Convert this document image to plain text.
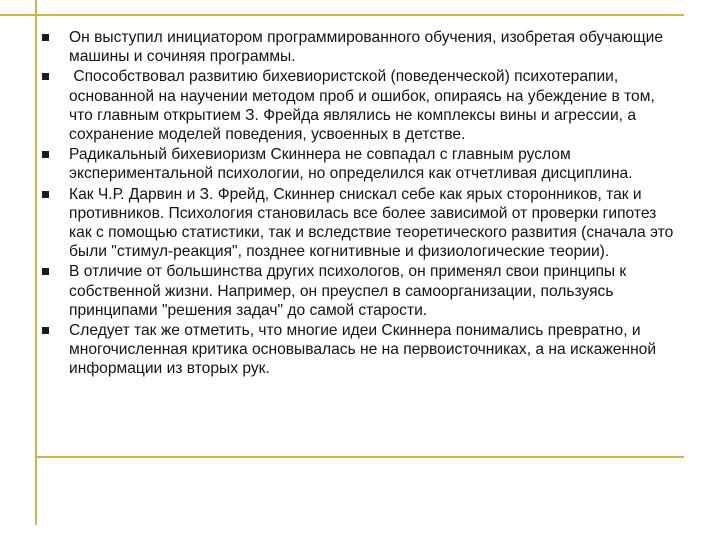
Он выступил инициатором программированного обучения, изобретая обучающие машины и сочиняя программы.
Способствовал развитию бихевиористской (поведенческой) психотерапии, основанной на научении методом проб и ошибок, опираясь на убеждение в том, что главным открытием З. Фрейда являлись не комплексы вины и агрессии, а сохранение моделей поведения, усвоенных в детстве.
Радикальный бихевиоризм Скиннера не совпадал с главным руслом экспериментальной психологии, но определился как отчетливая дисциплина.
Как Ч.Р. Дарвин и З. Фрейд, Скиннер снискал себе как ярых сторонников, так и противников. Психология становилась все более зависимой от проверки гипотез как с помощью статистики, так и вследствие теоретического развития (сначала это были "стимул-реакция", позднее когнитивные и физиологические теории).
В отличие от большинства других психологов, он применял свои принципы к собственной жизни. Например, он преуспел в самоорганизации, пользуясь принципами "решения задач" до самой старости.
Следует так же отметить, что многие идеи Скиннера понимались превратно, и многочисленная критика основывалась не на первоисточниках, а на искаженной информации из вторых рук.
